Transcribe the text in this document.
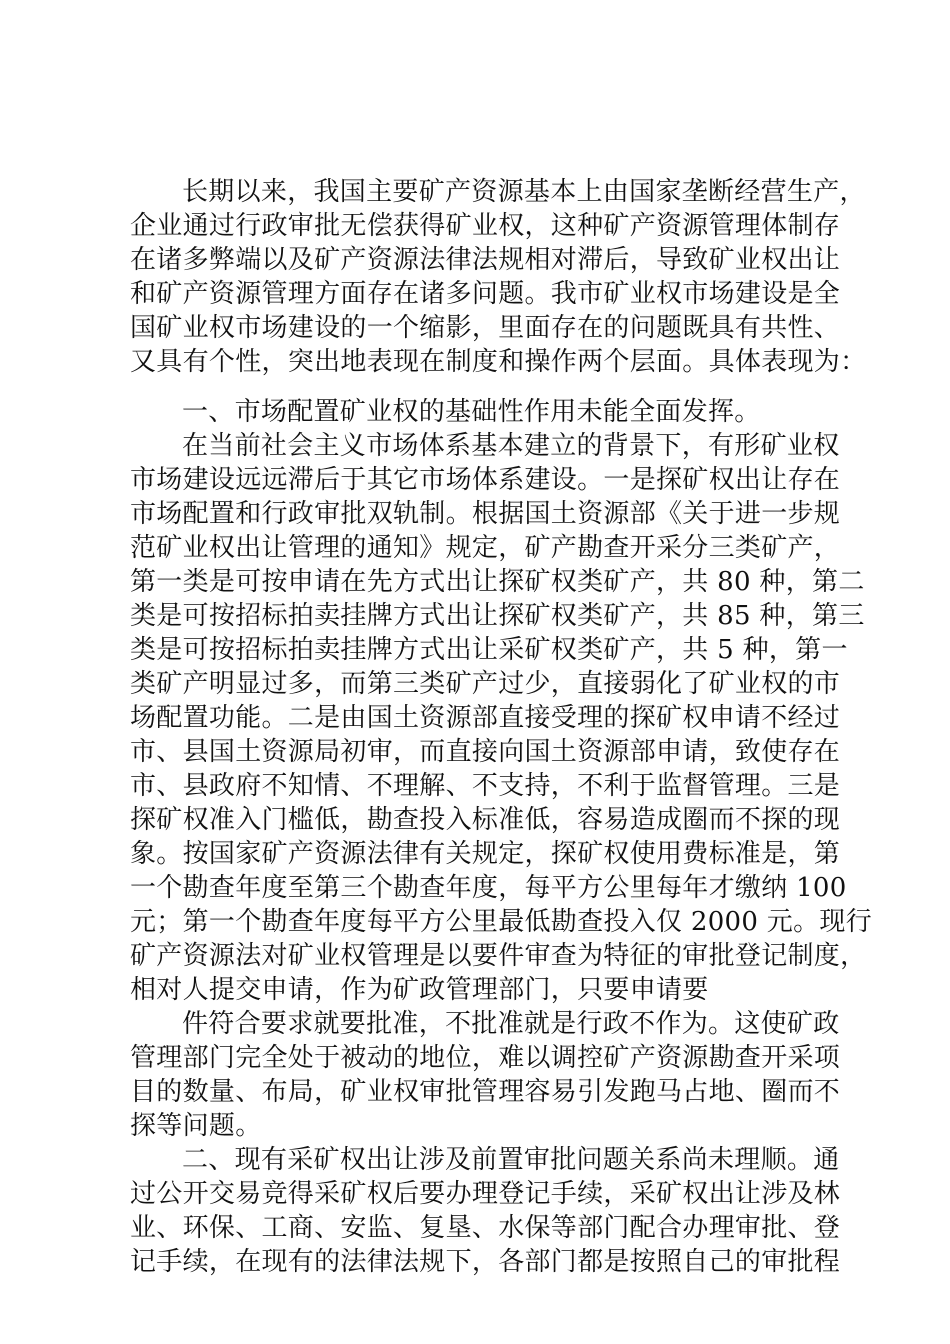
长期以来，我国主要矿产资源基本上由国家垄断经营生产，
企业通过行政审批无偿获得矿业权，这种矿产资源管理体制存
在诸多弊端以及矿产资源法律法规相对滞后，导致矿业权出让
和矿产资源管理方面存在诸多问题。我市矿业权市场建设是全
国矿业权市场建设的一个缩影，里面存在的问题既具有共性、
又具有个性，突出地表现在制度和操作两个层面。具体表现为：
一、市场配置矿业权的基础性作用未能全面发挥。
在当前社会主义市场体系基本建立的背景下，有形矿业权
市场建设远远滞后于其它市场体系建设。一是探矿权出让存在
市场配置和行政审批双轨制。根据国土资源部《关于进一步规
范矿业权出让管理的通知》规定，矿产勘查开采分三类矿产，
第一类是可按申请在先方式出让探矿权类矿产，共 80 种，第二
类是可按招标拍卖挂牌方式出让探矿权类矿产，共 85 种，第三
类是可按招标拍卖挂牌方式出让采矿权类矿产，共 5 种，第一
类矿产明显过多，而第三类矿产过少，直接弱化了矿业权的市
场配置功能。二是由国土资源部直接受理的探矿权申请不经过
市、县国土资源局初审，而直接向国土资源部申请，致使存在
市、县政府不知情、不理解、不支持，不利于监督管理。三是
探矿权准入门槛低，勘查投入标准低，容易造成圈而不探的现
象。按国家矿产资源法律有关规定，探矿权使用费标准是，第
一个勘查年度至第三个勘查年度，每平方公里每年才缴纳 100
元；第一个勘查年度每平方公里最低勘查投入仅 2000 元。现行
矿产资源法对矿业权管理是以要件审查为特征的审批登记制度，
相对人提交申请，作为矿政管理部门，只要申请要
件符合要求就要批准，不批准就是行政不作为。这使矿政
管理部门完全处于被动的地位，难以调控矿产资源勘查开采项
目的数量、布局，矿业权审批管理容易引发跑马占地、圈而不
探等问题。
二、现有采矿权出让涉及前置审批问题关系尚未理顺。通
过公开交易竞得采矿权后要办理登记手续，采矿权出让涉及林
业、环保、工商、安监、复垦、水保等部门配合办理审批、登
记手续，在现有的法律法规下，各部门都是按照自己的审批程
